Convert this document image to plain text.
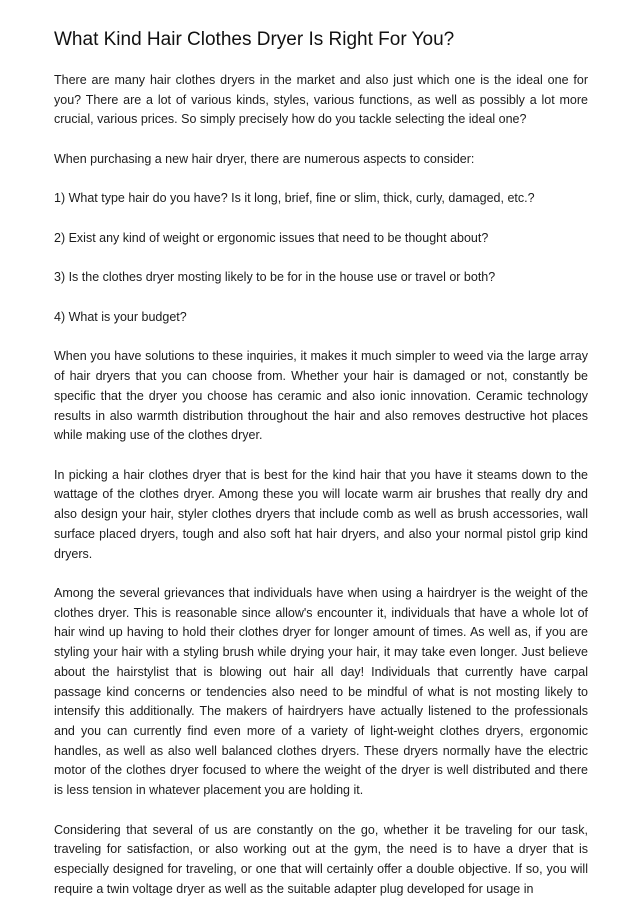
What Kind Hair Clothes Dryer Is Right For You?

There are many hair clothes dryers in the market and also just which one is the ideal one for you? There are a lot of various kinds, styles, various functions, as well as possibly a lot more crucial, various prices. So simply precisely how do you tackle selecting the ideal one?

When purchasing a new hair dryer, there are numerous aspects to consider:

1) What type hair do you have? Is it long, brief, fine or slim, thick, curly, damaged, etc.?

2) Exist any kind of weight or ergonomic issues that need to be thought about?

3) Is the clothes dryer mosting likely to be for in the house use or travel or both?

4) What is your budget?

When you have solutions to these inquiries, it makes it much simpler to weed via the large array of hair dryers that you can choose from. Whether your hair is damaged or not, constantly be specific that the dryer you choose has ceramic and also ionic innovation. Ceramic technology results in also warmth distribution throughout the hair and also removes destructive hot places while making use of the clothes dryer.

In picking a hair clothes dryer that is best for the kind hair that you have it steams down to the wattage of the clothes dryer. Among these you will locate warm air brushes that really dry and also design your hair, styler clothes dryers that include comb as well as brush accessories, wall surface placed dryers, tough and also soft hat hair dryers, and also your normal pistol grip kind dryers.

Among the several grievances that individuals have when using a hairdryer is the weight of the clothes dryer. This is reasonable since allow's encounter it, individuals that have a whole lot of hair wind up having to hold their clothes dryer for longer amount of times. As well as, if you are styling your hair with a styling brush while drying your hair, it may take even longer. Just believe about the hairstylist that is blowing out hair all day! Individuals that currently have carpal passage kind concerns or tendencies also need to be mindful of what is not mosting likely to intensify this additionally. The makers of hairdryers have actually listened to the professionals and you can currently find even more of a variety of light-weight clothes dryers, ergonomic handles, as well as also well balanced clothes dryers. These dryers normally have the electric motor of the clothes dryer focused to where the weight of the dryer is well distributed and there is less tension in whatever placement you are holding it.

Considering that several of us are constantly on the go, whether it be traveling for our task, traveling for satisfaction, or also working out at the gym, the need is to have a dryer that is especially designed for traveling, or one that will certainly offer a double objective. If so, you will require a twin voltage dryer as well as the suitable adapter plug developed for usage in
